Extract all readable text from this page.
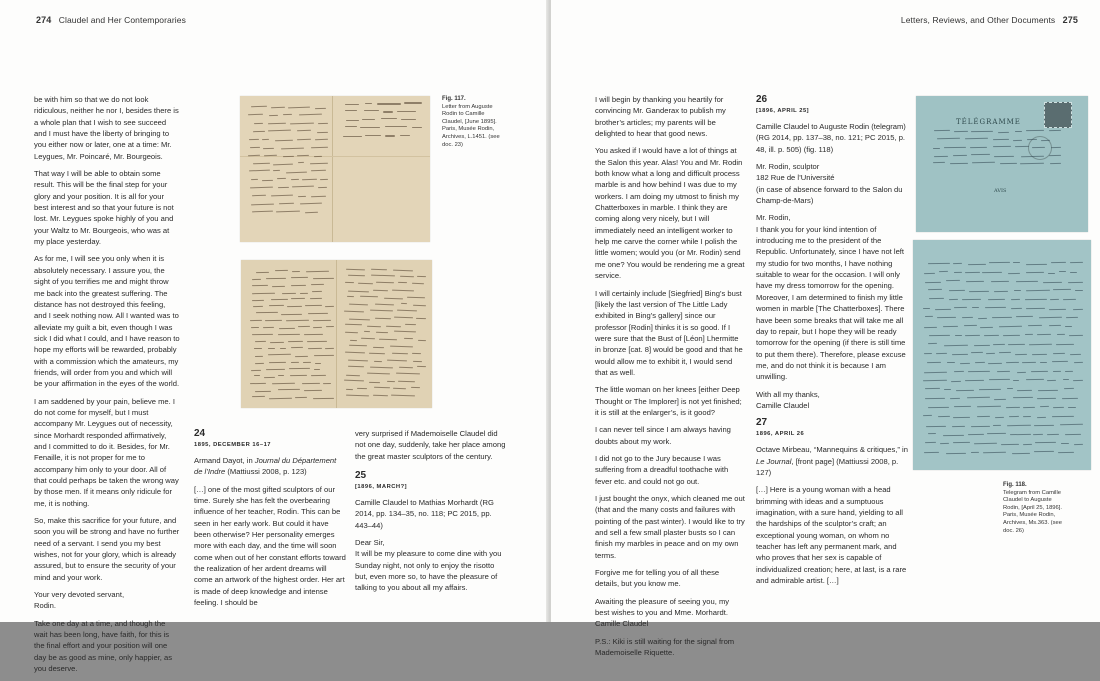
274 Claudel and Her Contemporaries

be with him so that we do not look ridiculous, neither he nor I, besides there is a whole plan that I wish to see succeed and I must have the liberty of bringing to you either now or later, one at a time: Mr. Leygues, Mr. Poincaré, Mr. Bourgeois.

That way I will be able to obtain some result. This will be the final step for your glory and your position. It is all for your best interest and so that your future is not lost. Mr. Leygues spoke highly of you and your Waltz to Mr. Bourgeois, who was at my place yesterday.

As for me, I will see you only when it is absolutely necessary. I assure you, the sight of you terrifies me and might throw me back into the greatest suffering. The distance has not destroyed this feeling, and I seek nothing now. All I wanted was to alleviate my guilt a bit, even though I was sick I did what I could, and I have reason to hope my efforts will be rewarded, probably with a commission which the amateurs, my friends, will order from you and which will be your affirmation in the eyes of the world.

I am saddened by your pain, believe me. I do not come for myself, but I must accompany Mr. Leygues out of necessity, since Morhardt responded affirmatively, and I committed to do it. Besides, for Mr. Fenaille, it is not proper for me to accompany him only to your door. All of that could perhaps be taken the wrong way by those men. If it means only ridicule for me, it is nothing.

So, make this sacrifice for your future, and soon you will be strong and have no further need of a servant. I send you my best wishes, not for your glory, which is already assured, but to ensure the security of your mind and your work.

Your very devoted servant,

Rodin.

Take one day at a time, and though the wait has been long, have faith, for this is the final effort and your position will one day be as good as mine, only happier, as you deserve.

Fig. 117.
Letter from Auguste Rodin to Camille Claudel, [June 1895]. Paris, Musée Rodin, Archives, L.1451. (see doc. 23)
24
1895, DECEMBER 16–17

Armand Dayot, in Journal du Département de l’Indre (Mattiussi 2008, p. 123)

[…] one of the most gifted sculptors of our time. Surely she has felt the overbearing influence of her teacher, Rodin. This can be seen in her early work. But could it have been otherwise? Her personality emerges more with each day, and the time will soon come when out of her constant efforts toward the realization of her ardent dreams will come an artwork of the highest order. Her art is made of deep knowledge and intense feeling. I should be

very surprised if Mademoiselle Claudel did not one day, suddenly, take her place among the great master sculptors of the century.

25
[1896, MARCH?]

Camille Claudel to Mathias Morhardt (RG 2014, pp. 134–35, no. 118; PC 2015, pp. 443–44)

Dear Sir,

It will be my pleasure to come dine with you Sunday night, not only to enjoy the risotto but, even more so, to have the pleasure of talking to you about all my affairs.

Letters, Reviews, and Other Documents 275

I will begin by thanking you heartily for convincing Mr. Ganderax to publish my brother’s articles; my parents will be delighted to hear that good news.

You asked if I would have a lot of things at the Salon this year. Alas! You and Mr. Rodin both know what a long and difficult process marble is and how behind I was due to my workers. I am doing my utmost to finish my Chatterboxes in marble. I think they are coming along very nicely, but I will immediately need an intelligent worker to help me carve the corner while I polish the little women; would you (or Mr. Rodin) send me one? You would be rendering me a great service.

I will certainly include [Siegfried] Bing’s bust [likely the last version of The Little Lady exhibited in Bing’s gallery] since our professor [Rodin] thinks it is so good. If I were sure that the Bust of [Léon] Lhermitte in bronze [cat. 8] would be good and that he would allow me to exhibit it, I would send that as well.

The little woman on her knees [either Deep Thought or The Implorer] is not yet finished; it is still at the enlarger’s, is it good?

I can never tell since I am always having doubts about my work.

I did not go to the Jury because I was suffering from a dreadful toothache with fever etc. and could not go out.

I just bought the onyx, which cleaned me out (that and the many costs and failures with pointing of the past winter). I would like to try and sell a few small plaster busts so I can finish my marbles in peace and on my own terms.

Forgive me for telling you of all these details, but you know me.

Awaiting the pleasure of seeing you, my best wishes to you and Mme. Morhardt.

Camille Claudel

P.S.: Kiki is still waiting for the signal from Mademoiselle Riquette.

26
[1896, APRIL 25]

Camille Claudel to Auguste Rodin (telegram) (RG 2014, pp. 137–38, no. 121; PC 2015, p. 48, ill. p. 505) (fig. 118)

Mr. Rodin, sculptor

182 Rue de l’Université

(in case of absence forward to the Salon du Champ-de-Mars)

Mr. Rodin,

I thank you for your kind intention of introducing me to the president of the Republic. Unfortunately, since I have not left my studio for two months, I have nothing suitable to wear for the occasion. I will only have my dress tomorrow for the opening. Moreover, I am determined to finish my little women in marble [The Chatterboxes]. There have been some breaks that will take me all day to repair, but I hope they will be ready tomorrow for the opening (if there is still time to put them there). Therefore, please excuse me, and do not think it is because I am unwilling.

With all my thanks,

Camille Claudel

27
1896, APRIL 26

Octave Mirbeau, “Mannequins & critiques,” in Le Journal, [front page] (Mattiussi 2008, p. 127)

[…] Here is a young woman with a head brimming with ideas and a sumptuous imagination, with a sure hand, yielding to all the hardships of the sculptor’s craft; an exceptional young woman, on whom no teacher has left any permanent mark, and who proves that her sex is capable of individualized creation; here, at last, is a rare and admirable artist. […]

TÉLÉGRAMME
AVIS
Fig. 118.
Telegram from Camille Claudel to Auguste Rodin, [April 25, 1896]. Paris, Musée Rodin, Archives, Ms.363. (see doc. 26)
